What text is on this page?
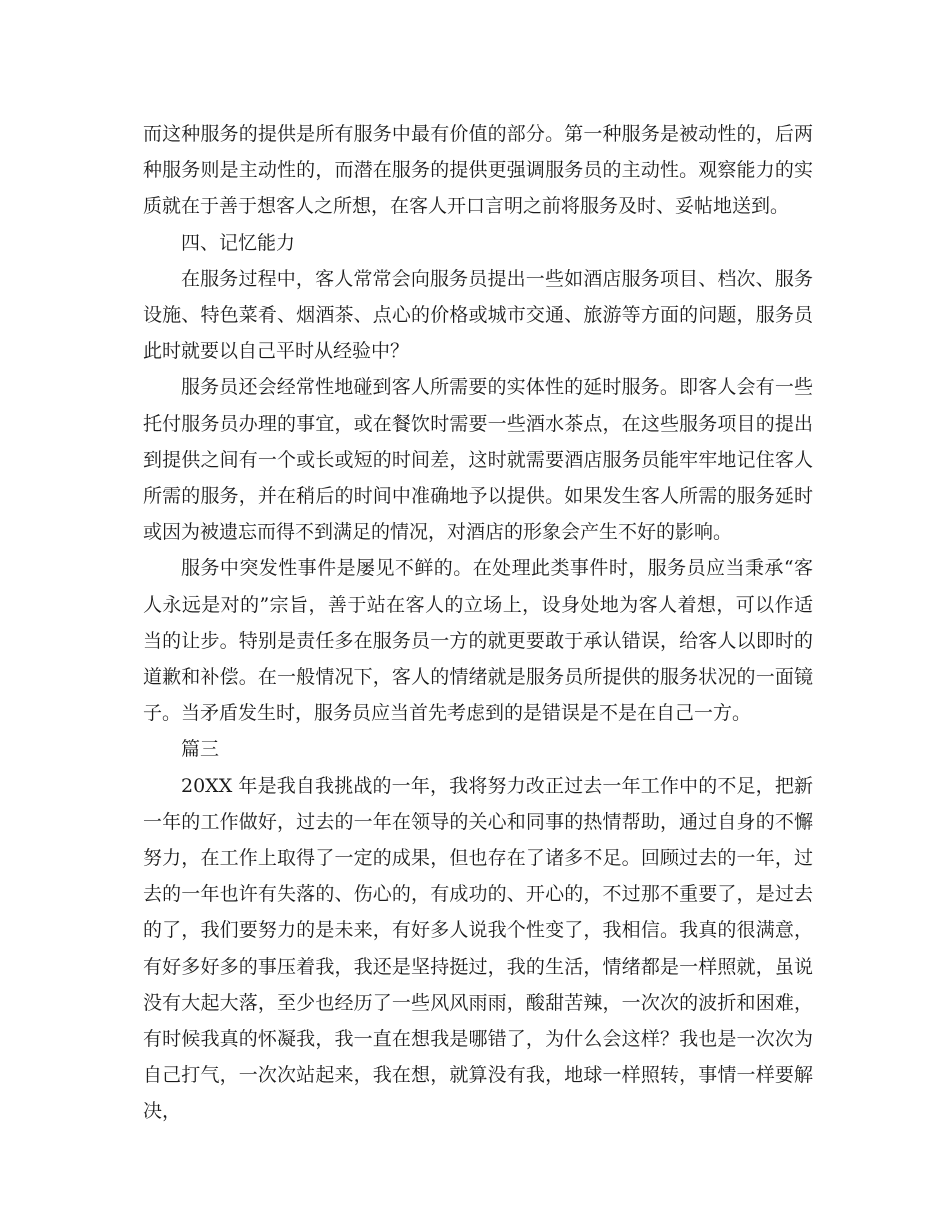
而这种服务的提供是所有服务中最有价值的部分。第一种服务是被动性的，后两种服务则是主动性的，而潜在服务的提供更强调服务员的主动性。观察能力的实质就在于善于想客人之所想，在客人开口言明之前将服务及时、妥帖地送到。

四、记忆能力

在服务过程中，客人常常会向服务员提出一些如酒店服务项目、档次、服务设施、特色菜肴、烟酒茶、点心的价格或城市交通、旅游等方面的问题，服务员此时就要以自己平时从经验中？

服务员还会经常性地碰到客人所需要的实体性的延时服务。即客人会有一些托付服务员办理的事宜，或在餐饮时需要一些酒水茶点，在这些服务项目的提出到提供之间有一个或长或短的时间差，这时就需要酒店服务员能牢牢地记住客人所需的服务，并在稍后的时间中准确地予以提供。如果发生客人所需的服务延时或因为被遗忘而得不到满足的情况，对酒店的形象会产生不好的影响。

服务中突发性事件是屡见不鲜的。在处理此类事件时，服务员应当秉承“客人永远是对的”宗旨，善于站在客人的立场上，设身处地为客人着想，可以作适当的让步。特别是责任多在服务员一方的就更要敢于承认错误，给客人以即时的道歉和补偿。在一般情况下，客人的情绪就是服务员所提供的服务状况的一面镜子。当矛盾发生时，服务员应当首先考虑到的是错误是不是在自己一方。

篇三

20XX 年是我自我挑战的一年，我将努力改正过去一年工作中的不足，把新一年的工作做好，过去的一年在领导的关心和同事的热情帮助，通过自身的不懈努力，在工作上取得了一定的成果，但也存在了诸多不足。回顾过去的一年，过去的一年也许有失落的、伤心的，有成功的、开心的，不过那不重要了，是过去的了，我们要努力的是未来，有好多人说我个性变了，我相信。我真的很满意，有好多好多的事压着我，我还是坚持挺过，我的生活，情绪都是一样照就，虽说没有大起大落，至少也经历了一些风风雨雨，酸甜苦辣，一次次的波折和困难，有时候我真的怀凝我，我一直在想我是哪错了，为什么会这样？我也是一次次为自己打气，一次次站起来，我在想，就算没有我，地球一样照转，事情一样要解决，
